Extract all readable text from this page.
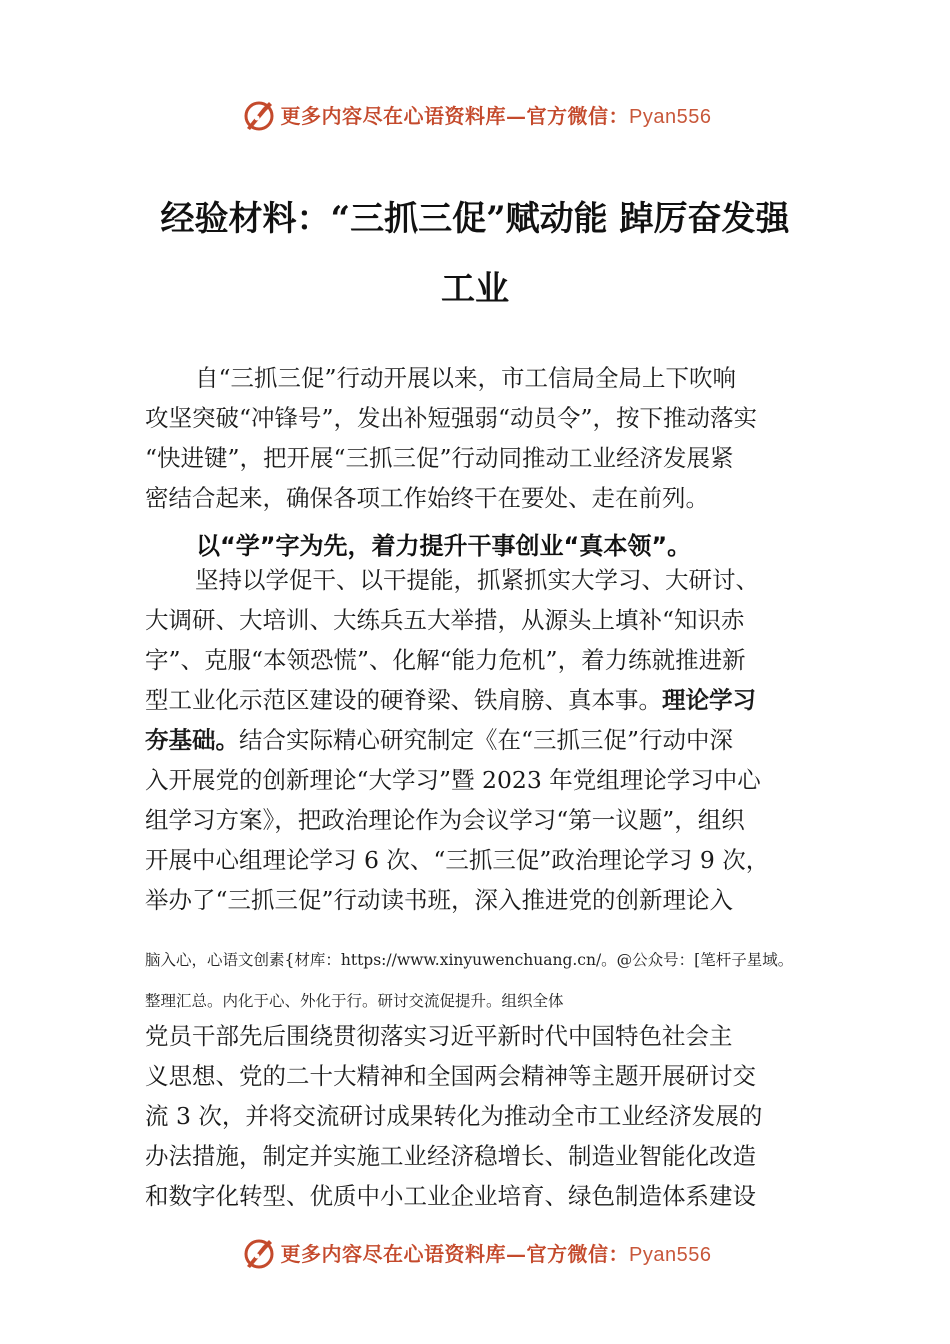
更多内容尽在心语资料库—官方微信：Pyan556
经验材料：“三抓三促”赋动能 踔厉奋发强
工业
自“三抓三促”行动开展以来，市工信局全局上下吹响
攻坚突破“冲锋号”，发出补短强弱“动员令”，按下推动落实
“快进键”，把开展“三抓三促”行动同推动工业经济发展紧
密结合起来，确保各项工作始终干在要处、走在前列。
以“学”字为先，着力提升干事创业“真本领”。
坚持以学促干、以干提能，抓紧抓实大学习、大研讨、
大调研、大培训、大练兵五大举措，从源头上填补“知识赤
字”、克服“本领恐慌”、化解“能力危机”，着力练就推进新
型工业化示范区建设的硬脊梁、铁肩膀、真本事。理论学习
夯基础。结合实际精心研究制定《在“三抓三促”行动中深
入开展党的创新理论“大学习”暨 2023 年党组理论学习中心
组学习方案》，把政治理论作为会议学习“第一议题”，组织
开展中心组理论学习 6 次、“三抓三促”政治理论学习 9 次，
举办了“三抓三促”行动读书班，深入推进党的创新理论入
脑入心，心语文创素{材库：https://www.xinyuwenchuang.cn/。@公众号：[笔杆子星域。
整理汇总。内化于心、外化于行。研讨交流促提升。组织全体
党员干部先后围绕贯彻落实习近平新时代中国特色社会主
义思想、党的二十大精神和全国两会精神等主题开展研讨交
流 3 次，并将交流研讨成果转化为推动全市工业经济发展的
办法措施，制定并实施工业经济稳增长、制造业智能化改造
和数字化转型、优质中小工业企业培育、绿色制造体系建设
更多内容尽在心语资料库—官方微信：Pyan556
